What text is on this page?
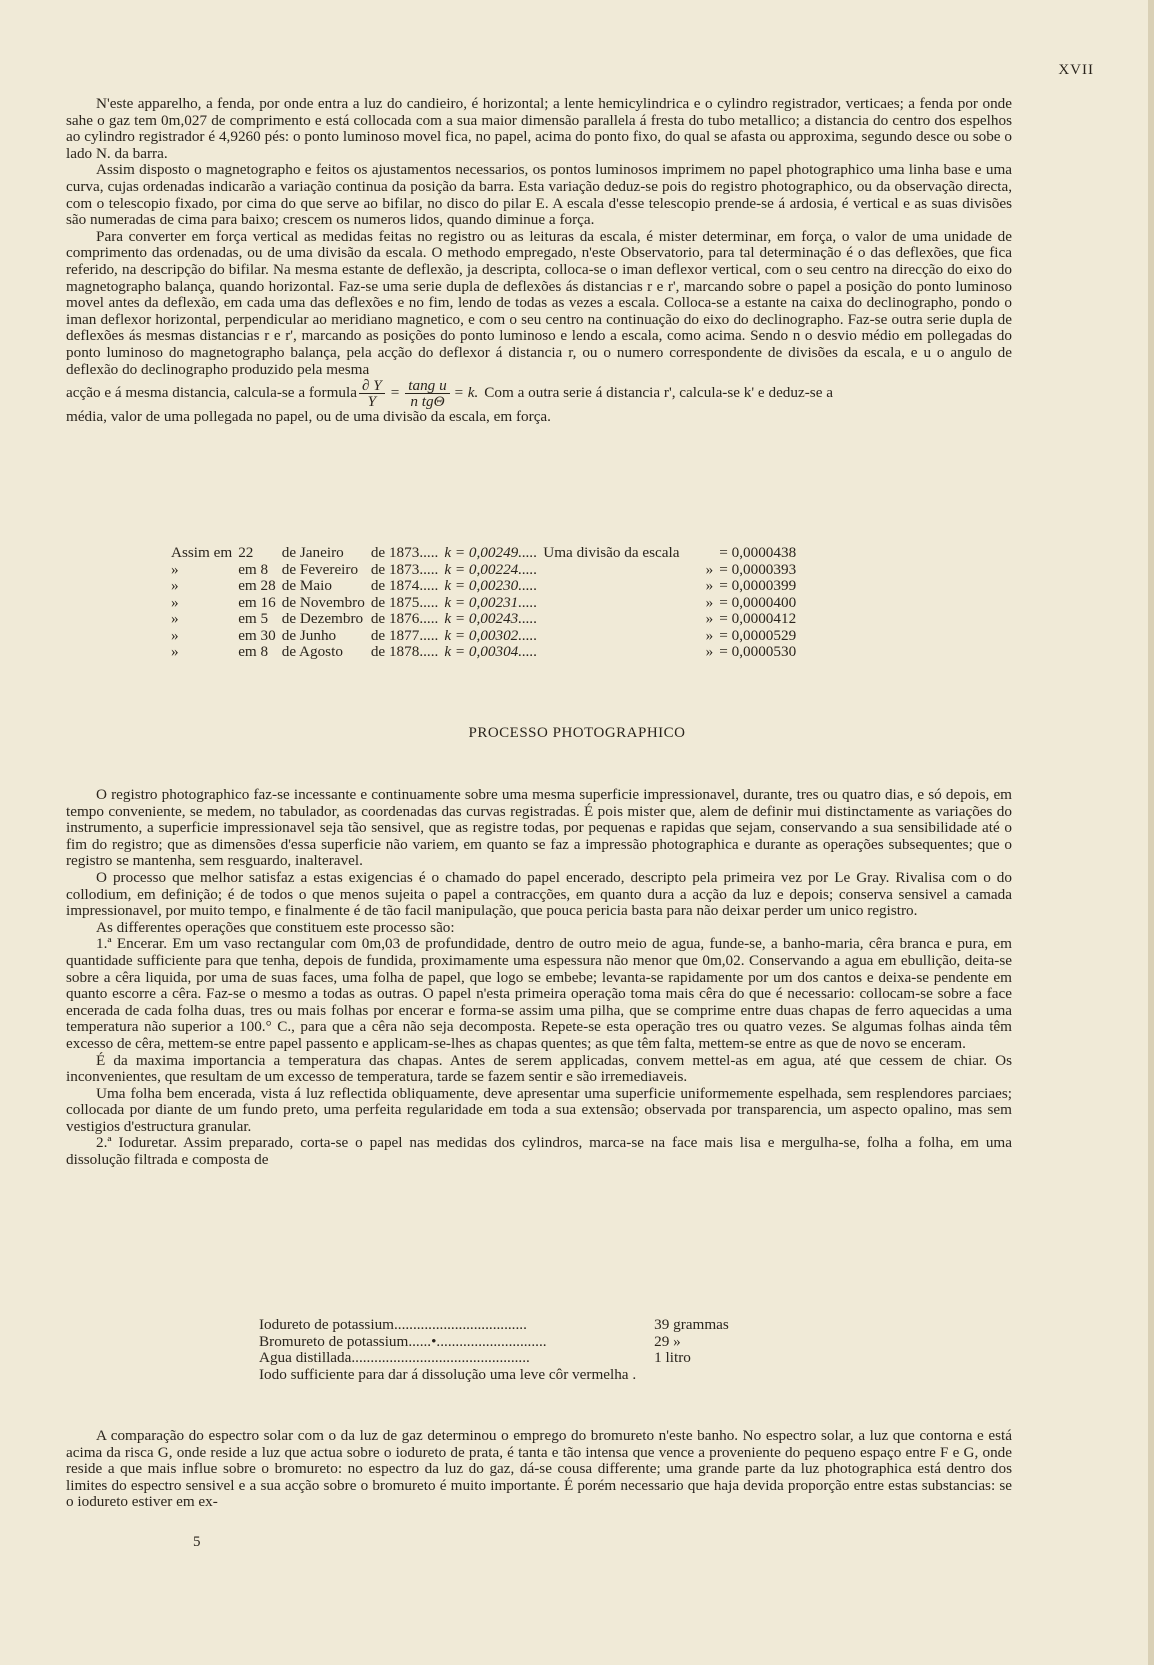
XVII

N'este apparelho, a fenda, por onde entra a luz do candieiro, é horizontal; a lente hemicylindrica e o cylindro registrador, verticaes; a fenda por onde sahe o gaz tem 0m,027 de comprimento e está collocada com a sua maior dimensão parallela á fresta do tubo metallico; a distancia do centro dos espelhos ao cylindro registrador é 4,9260 pés: o ponto luminoso movel fica, no papel, acima do ponto fixo, do qual se afasta ou approxima, segundo desce ou sobe o lado N. da barra.

Assim disposto o magnetographo e feitos os ajustamentos necessarios, os pontos luminosos imprimem no papel photographico uma linha base e uma curva, cujas ordenadas indicarão a variação continua da posição da barra. Esta variação deduz-se pois do registro photographico, ou da observação directa, com o telescopio fixado, por cima do que serve ao bifilar, no disco do pilar E. A escala d'esse telescopio prende-se á ardosia, é vertical e as suas divisões são numeradas de cima para baixo; crescem os numeros lidos, quando diminue a força.

Para converter em força vertical as medidas feitas no registro ou as leituras da escala, é mister determinar, em força, o valor de uma unidade de comprimento das ordenadas, ou de uma divisão da escala. O methodo empregado, n'este Observatorio, para tal determinação é o das deflexões, que fica referido, na descripção do bifilar. Na mesma estante de deflexão, ja descripta, colloca-se o iman deflexor vertical, com o seu centro na direcção do eixo do magnetographo balança, quando horizontal. Faz-se uma serie dupla de deflexões ás distancias r e r', marcando sobre o papel a posição do ponto luminoso movel antes da deflexão, em cada uma das deflexões e no fim, lendo de todas as vezes a escala. Colloca-se a estante na caixa do declinographo, pondo o iman deflexor horizontal, perpendicular ao meridiano magnetico, e com o seu centro na continuação do eixo do declinographo. Faz-se outra serie dupla de deflexões ás mesmas distancias r e r', marcando as posições do ponto luminoso e lendo a escala, como acima. Sendo n o desvio médio em pollegadas do ponto luminoso do magnetographo balança, pela acção do deflexor á distancia r, ou o numero correspondente de divisões da escala, e u o angulo de deflexão do declinographo produzido pela mesma

acção e á mesma distancia, calcula-se a formula $\frac{\partial Y}{Y} = \frac{\text{tang u}}{\text{n tgΘ}} = k$. Com a outra serie á distancia r', calcula-se k' e deduz-se a

média, valor de uma pollegada no papel, ou de uma divisão da escala, em força.

Assim em	22	de Janeiro	de 1873.....	k = 0,00249.....	Uma divisão da escala	= 0,0000438
»	em 8	de Fevereiro	de 1873.....	k = 0,00224.....	»	= 0,0000393
»	em 28	de Maio	de 1874.....	k = 0,00230.....	»	= 0,0000399
»	em 16	de Novembro	de 1875.....	k = 0,00231.....	»	= 0,0000400
»	em 5	de Dezembro	de 1876.....	k = 0,00243.....	»	= 0,0000412
»	em 30	de Junho	de 1877.....	k = 0,00302.....	»	= 0,0000529
»	em 8	de Agosto	de 1878.....	k = 0,00304.....	»	= 0,0000530
PROCESSO PHOTOGRAPHICO

O registro photographico faz-se incessante e continuamente sobre uma mesma superficie impressionavel, durante, tres ou quatro dias, e só depois, em tempo conveniente, se medem, no tabulador, as coordenadas das curvas registradas. É pois mister que, alem de definir mui distinctamente as variações do instrumento, a superficie impressionavel seja tão sensivel, que as registre todas, por pequenas e rapidas que sejam, conservando a sua sensibilidade até o fim do registro; que as dimensões d'essa superficie não variem, em quanto se faz a impressão photographica e durante as operações subsequentes; que o registro se mantenha, sem resguardo, inalteravel.

O processo que melhor satisfaz a estas exigencias é o chamado do papel encerado, descripto pela primeira vez por Le Gray. Rivalisa com o do collodium, em definição; é de todos o que menos sujeita o papel a contracções, em quanto dura a acção da luz e depois; conserva sensivel a camada impressionavel, por muito tempo, e finalmente é de tão facil manipulação, que pouca pericia basta para não deixar perder um unico registro.

As differentes operações que constituem este processo são:

1.ª Encerar. Em um vaso rectangular com 0m,03 de profundidade, dentro de outro meio de agua, funde-se, a banho-maria, cêra branca e pura, em quantidade sufficiente para que tenha, depois de fundida, proximamente uma espessura não menor que 0m,02. Conservando a agua em ebullição, deita-se sobre a cêra liquida, por uma de suas faces, uma folha de papel, que logo se embebe; levanta-se rapidamente por um dos cantos e deixa-se pendente em quanto escorre a cêra. Faz-se o mesmo a todas as outras. O papel n'esta primeira operação toma mais cêra do que é necessario: collocam-se sobre a face encerada de cada folha duas, tres ou mais folhas por encerar e forma-se assim uma pilha, que se comprime entre duas chapas de ferro aquecidas a uma temperatura não superior a 100.° C., para que a cêra não seja decomposta. Repete-se esta operação tres ou quatro vezes. Se algumas folhas ainda têm excesso de cêra, mettem-se entre papel passento e applicam-se-lhes as chapas quentes; as que têm falta, mettem-se entre as que de novo se enceram.

É da maxima importancia a temperatura das chapas. Antes de serem applicadas, convem mettel-as em agua, até que cessem de chiar. Os inconvenientes, que resultam de um excesso de temperatura, tarde se fazem sentir e são irremediaveis.

Uma folha bem encerada, vista á luz reflectida obliquamente, deve apresentar uma superficie uniformemente espelhada, sem resplendores parciaes; collocada por diante de um fundo preto, uma perfeita regularidade em toda a sua extensão; observada por transparencia, um aspecto opalino, mas sem vestigios d'estructura granular.

2.ª Ioduretar. Assim preparado, corta-se o papel nas medidas dos cylindros, marca-se na face mais lisa e mergulha-se, folha a folha, em uma dissolução filtrada e composta de

Iodureto de potassium...................................	39 grammas
Bromureto de potassium......•.............................	29 »
Agua distillada...............................................	1 litro
Iodo sufficiente para dar á dissolução uma leve côr vermelha .	

A comparação do espectro solar com o da luz de gaz determinou o emprego do bromureto n'este banho. No espectro solar, a luz que contorna e está acima da risca G, onde reside a luz que actua sobre o iodureto de prata, é tanta e tão intensa que vence a proveniente do pequeno espaço entre F e G, onde reside a que mais influe sobre o bromureto: no espectro da luz do gaz, dá-se cousa differente; uma grande parte da luz photographica está dentro dos limites do espectro sensivel e a sua acção sobre o bromureto é muito importante. É porém necessario que haja devida proporção entre estas substancias: se o iodureto estiver em ex-

5
